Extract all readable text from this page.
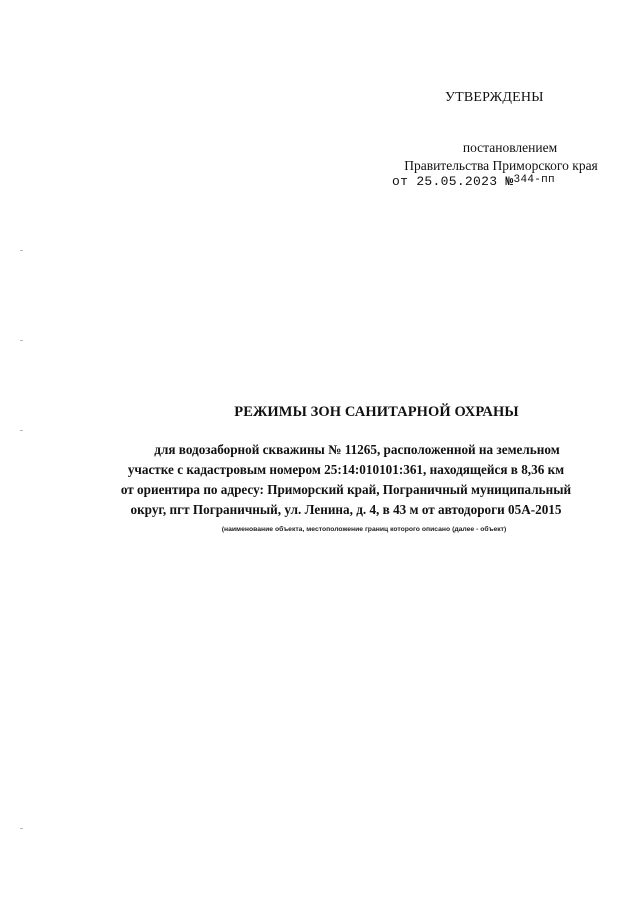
УТВЕРЖДЕНЫ
постановлением
Правительства Приморского края
от 25.05.2023 №$^{344-пп}$
РЕЖИМЫ ЗОН САНИТАРНОЙ ОХРАНЫ
для водозаборной скважины № 11265, расположенной на земельном
участке с кадастровым номером 25:14:010101:361, находящейся в 8,36 км
от ориентира по адресу: Приморский край, Пограничный муниципальный
округ, пгт Пограничный, ул. Ленина, д. 4, в 43 м от автодороги 05А-2015
(наименование объекта, местоположение границ которого описано (далее - объект)
